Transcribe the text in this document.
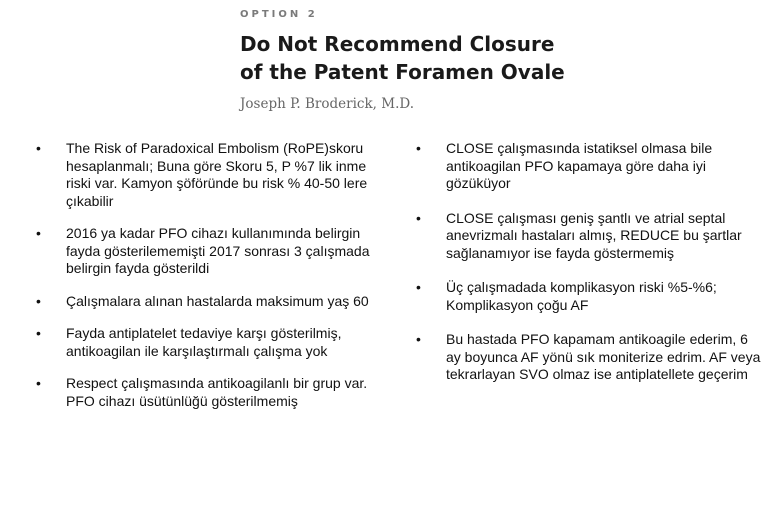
OPTION 2
Do Not Recommend Closure
of the Patent Foramen Ovale
Joseph P. Broderick, M.D.
• The Risk of Paradoxical Embolism (RoPE)skoru hesaplanmalı; Buna göre Skoru 5, P %7 lik inme riski var. Kamyon şöföründe bu risk % 40-50 lere çıkabilir
• 2016 ya kadar PFO cihazı kullanımında belirgin fayda gösterilememişti 2017 sonrası 3 çalışmada belirgin fayda gösterildi
• Çalışmalara alınan hastalarda maksimum yaş 60
• Fayda antiplatelet tedaviye karşı gösterilmiş, antikoagilan ile karşılaştırmalı çalışma yok
• Respect çalışmasında antikoagilanlı bir grup var. PFO cihazı üsütünlüğü gösterilmemiş
• CLOSE çalışmasında istatiksel olmasa bile antikoagilan PFO kapamaya göre daha iyi gözüküyor
• CLOSE çalışması geniş şantlı ve atrial septal anevrizmalı hastaları almış, REDUCE bu şartlar sağlanamıyor ise fayda göstermemiş
• Üç çalışmadada komplikasyon riski %5-%6; Komplikasyon çoğu AF
• Bu hastada PFO kapamam antikoagile ederim, 6 ay boyunca AF yönü sık moniterize edrim. AF veya tekrarlayan SVO olmaz ise antiplatellete geçerim
